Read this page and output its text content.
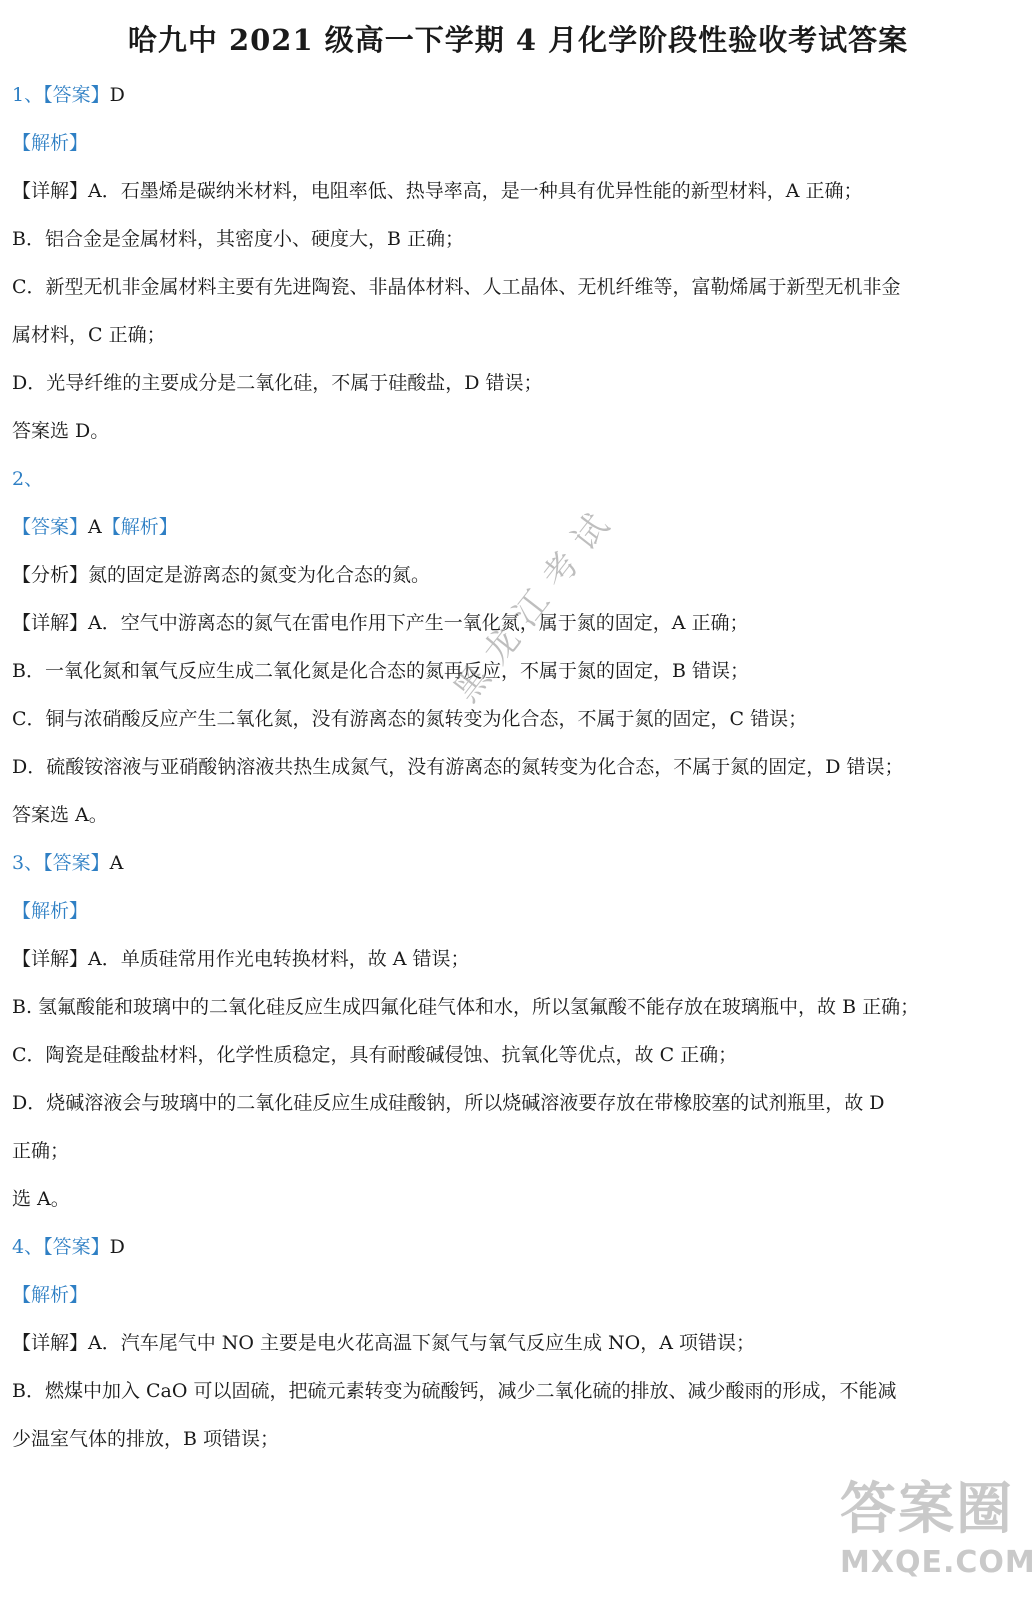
哈九中 2021 级高一下学期 4 月化学阶段性验收考试答案
1、【答案】D
【解析】
【详解】A．石墨烯是碳纳米材料，电阻率低、热导率高，是一种具有优异性能的新型材料，A 正确；
B．铝合金是金属材料，其密度小、硬度大，B 正确；
C．新型无机非金属材料主要有先进陶瓷、非晶体材料、人工晶体、无机纤维等，富勒烯属于新型无机非金
属材料，C 正确；
D．光导纤维的主要成分是二氧化硅，不属于硅酸盐，D 错误；
答案选 D。
2、
【答案】A【解析】
【分析】氮的固定是游离态的氮变为化合态的氮。
【详解】A．空气中游离态的氮气在雷电作用下产生一氧化氮，属于氮的固定，A 正确；
B．一氧化氮和氧气反应生成二氧化氮是化合态的氮再反应，不属于氮的固定，B 错误；
C．铜与浓硝酸反应产生二氧化氮，没有游离态的氮转变为化合态，不属于氮的固定，C 错误；
D．硫酸铵溶液与亚硝酸钠溶液共热生成氮气，没有游离态的氮转变为化合态，不属于氮的固定，D 错误；
答案选 A。
3、【答案】A
【解析】
【详解】A．单质硅常用作光电转换材料，故 A 错误；
B. 氢氟酸能和玻璃中的二氧化硅反应生成四氟化硅气体和水，所以氢氟酸不能存放在玻璃瓶中，故 B 正确；
C．陶瓷是硅酸盐材料，化学性质稳定，具有耐酸碱侵蚀、抗氧化等优点，故 C 正确；
D．烧碱溶液会与玻璃中的二氧化硅反应生成硅酸钠，所以烧碱溶液要存放在带橡胶塞的试剂瓶里，故 D
正确；
选 A。
4、【答案】D
【解析】
【详解】A．汽车尾气中 NO 主要是电火花高温下氮气与氧气反应生成 NO，A 项错误；
B．燃煤中加入 CaO 可以固硫，把硫元素转变为硫酸钙，减少二氧化硫的排放、减少酸雨的形成，不能减
少温室气体的排放，B 项错误；
黑龙江考试
答案圈
MXQE.COM
